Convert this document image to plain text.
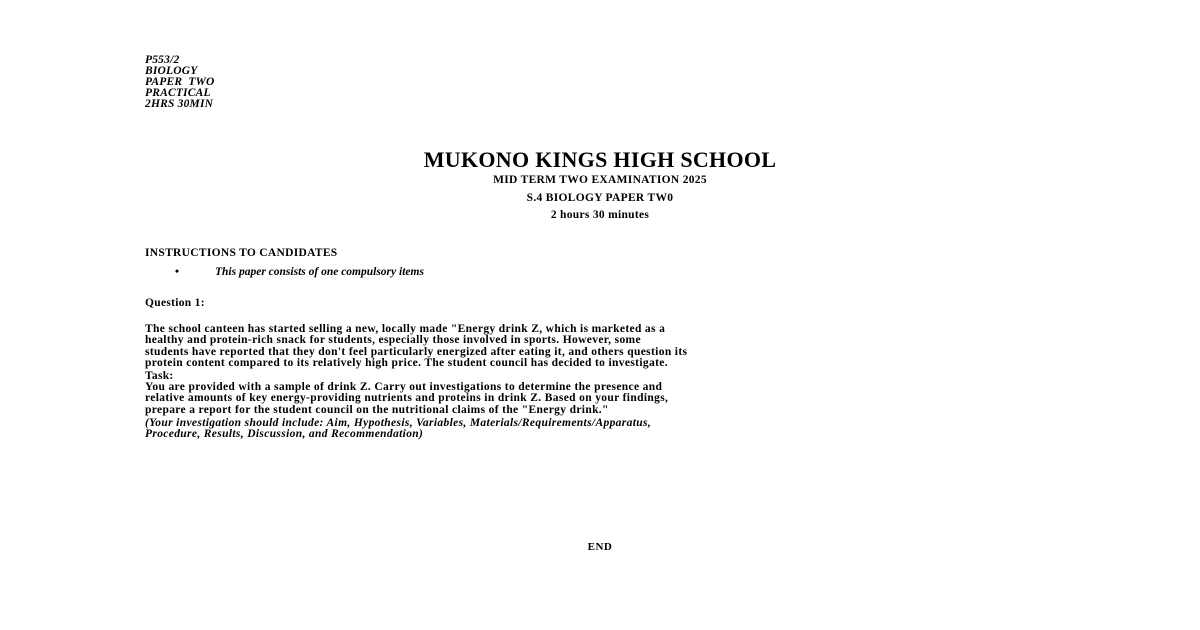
P553/2
BIOLOGY
PAPER  TWO
PRACTICAL
2HRS 30MIN
MUKONO KINGS HIGH SCHOOL
MID TERM TWO EXAMINATION 2025
S.4 BIOLOGY PAPER TW0
2 hours 30 minutes
INSTRUCTIONS TO CANDIDATES
•	This paper consists of one compulsory items
Question 1:
The school canteen has started selling a new, locally made "Energy drink Z, which is marketed as a
healthy and protein-rich snack for students, especially those involved in sports. However, some
students have reported that they don't feel particularly energized after eating it, and others question its
protein content compared to its relatively high price. The student council has decided to investigate.
Task:
You are provided with a sample of drink Z. Carry out investigations to determine the presence and
relative amounts of key energy-providing nutrients and proteins in drink Z. Based on your findings,
prepare a report for the student council on the nutritional claims of the "Energy drink."
(Your investigation should include: Aim, Hypothesis, Variables, Materials/Requirements/Apparatus,
Procedure, Results, Discussion, and Recommendation)
END
